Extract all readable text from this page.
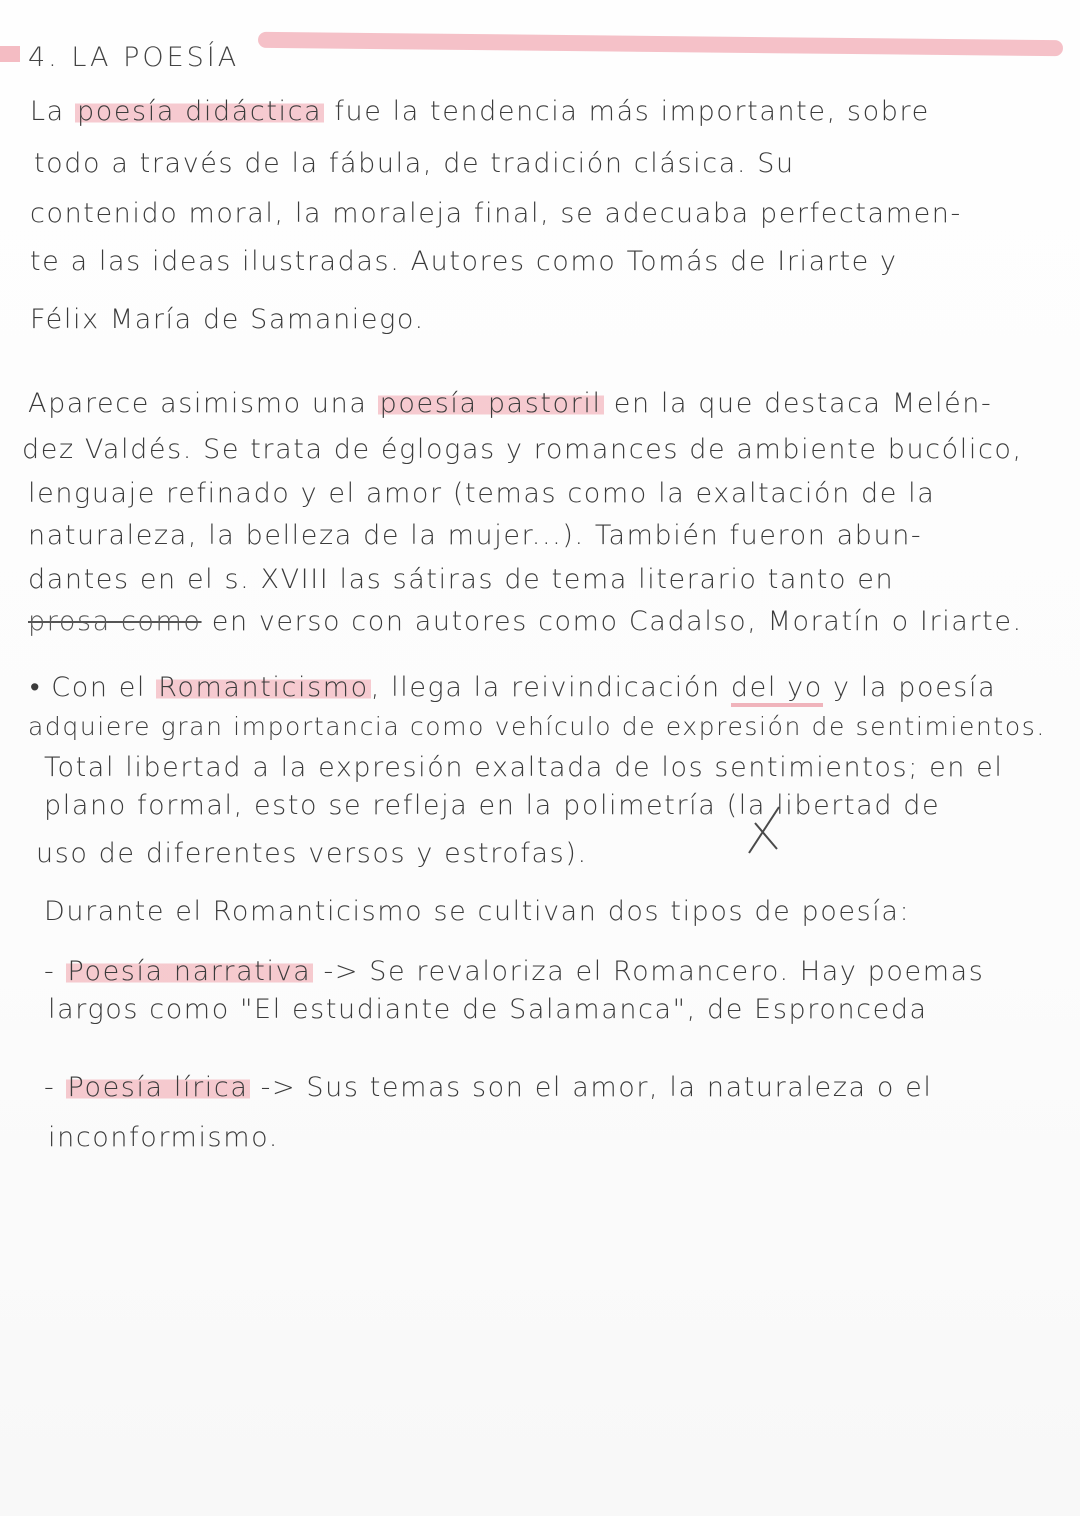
4. LA POESÍA
La poesía didáctica fue la tendencia más importante, sobre
todo a través de la fábula, de tradición clásica. Su
contenido moral, la moraleja final, se adecuaba perfectamen-
te a las ideas ilustradas. Autores como Tomás de Iriarte y
Félix María de Samaniego.
Aparece asimismo una poesía pastoril en la que destaca Melén-
dez Valdés. Se trata de églogas y romances de ambiente bucólico,
lenguaje refinado y el amor (temas como la exaltación de la
naturaleza, la belleza de la mujer...). También fueron abun-
dantes en el s. XVIII las sátiras de tema literario tanto en
prosa como en verso con autores como Cadalso, Moratín o Iriarte.
• Con el Romanticismo, llega la reivindicación del yo y la poesía
adquiere gran importancia como vehículo de expresión de sentimientos.
Total libertad a la expresión exaltada de los sentimientos; en el
plano formal, esto se refleja en la polimetría (la libertad de
uso de diferentes versos y estrofas).
Durante el Romanticismo se cultivan dos tipos de poesía:
- Poesía narrativa -> Se revaloriza el Romancero. Hay poemas
largos como "El estudiante de Salamanca", de Espronceda
- Poesía lírica -> Sus temas son el amor, la naturaleza o el
inconformismo.
